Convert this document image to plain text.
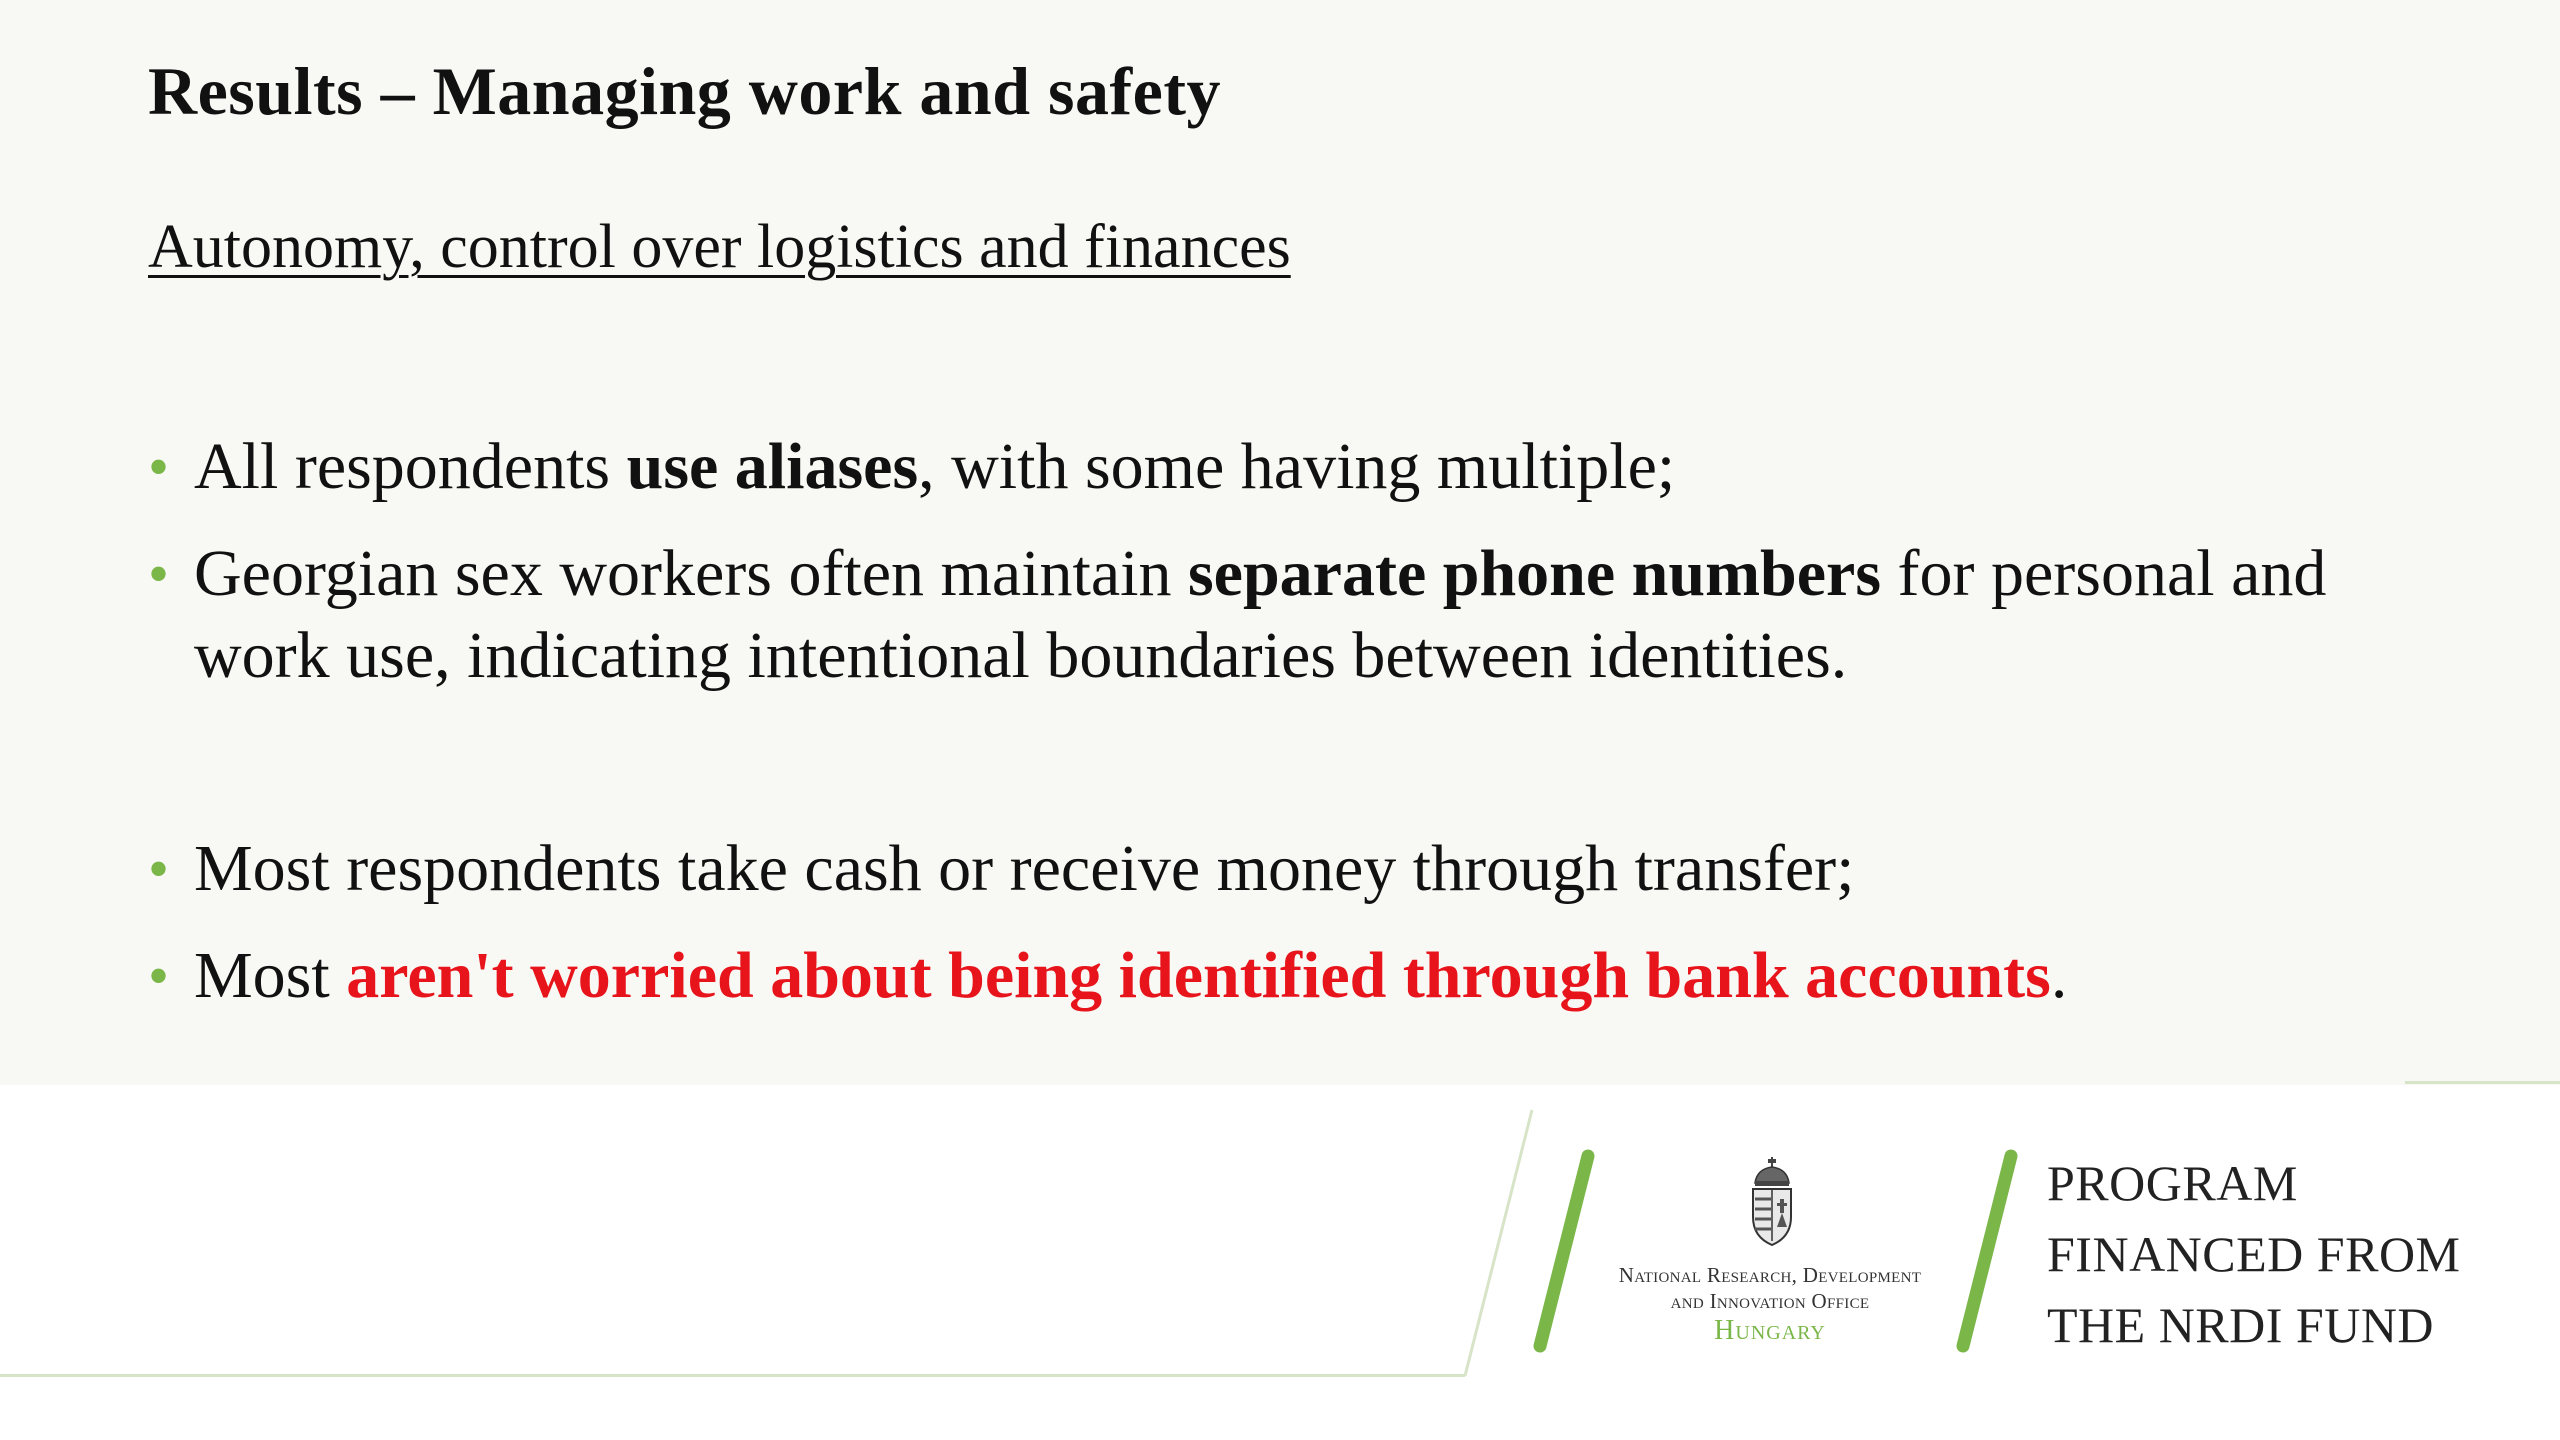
Results – Managing work and safety
Autonomy, control over logistics and finances
• All respondents use aliases, with some having multiple;
• Georgian sex workers often maintain separate phone numbers for personal and work use, indicating intentional boundaries between identities.
• Most respondents take cash or receive money through transfer;
• Most aren't worried about being identified through bank accounts.
National Research, Development
and Innovation Office
Hungary
PROGRAM
FINANCED FROM
THE NRDI FUND
